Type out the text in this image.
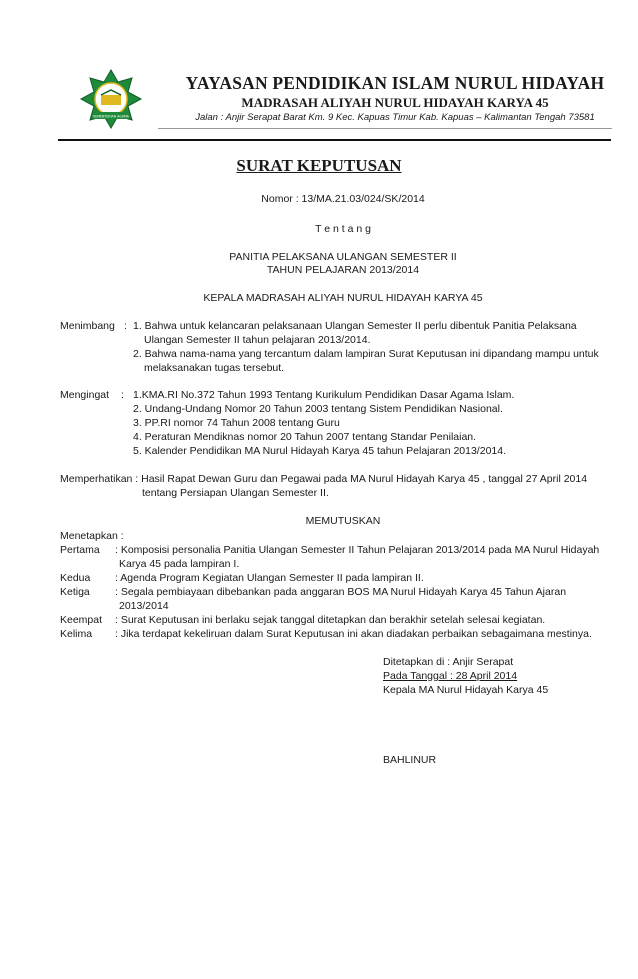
KEMENTERIAN AGAMA
YAYASAN PENDIDIKAN ISLAM NURUL HIDAYAH
MADRASAH ALIYAH NURUL HIDAYAH KARYA 45
Jalan : Anjir Serapat Barat Km. 9 Kec. Kapuas Timur Kab. Kapuas – Kalimantan Tengah 73581
SURAT KEPUTUSAN
Nomor : 13/MA.21.03/024/SK/2014
T e n t a n g
PANITIA PELAKSANA ULANGAN SEMESTER II
TAHUN PELAJARAN 2013/2014
KEPALA MADRASAH ALIYAH NURUL HIDAYAH KARYA 45
Menimbang : 1. Bahwa untuk kelancaran pelaksanaan Ulangan Semester II perlu dibentuk Panitia Pelaksana
Ulangan Semester II tahun pelajaran 2013/2014.
2. Bahwa nama-nama yang tercantum dalam lampiran Surat Keputusan ini dipandang mampu untuk
melaksanakan tugas tersebut.
Mengingat : 1.KMA.RI No.372 Tahun 1993 Tentang Kurikulum Pendidikan Dasar Agama Islam.
2. Undang-Undang Nomor 20 Tahun 2003 tentang Sistem Pendidikan Nasional.
3. PP.RI nomor 74 Tahun 2008 tentang Guru
4. Peraturan Mendiknas nomor 20 Tahun 2007 tentang Standar Penilaian.
5. Kalender Pendidikan MA Nurul Hidayah Karya 45 tahun Pelajaran 2013/2014.
Memperhatikan : Hasil Rapat Dewan Guru dan Pegawai pada MA Nurul Hidayah Karya 45 , tanggal 27 April 2014
tentang Persiapan Ulangan Semester II.
MEMUTUSKAN
Menetapkan :
Pertama : Komposisi personalia Panitia Ulangan Semester II Tahun Pelajaran 2013/2014 pada MA Nurul Hidayah
Karya 45 pada lampiran I.
Kedua : Agenda Program Kegiatan Ulangan Semester II pada lampiran II.
Ketiga : Segala pembiayaan dibebankan pada anggaran BOS MA Nurul Hidayah Karya 45 Tahun Ajaran
2013/2014
Keempat : Surat Keputusan ini berlaku sejak tanggal ditetapkan dan berakhir setelah selesai kegiatan.
Kelima : Jika terdapat kekeliruan dalam Surat Keputusan ini akan diadakan perbaikan sebagaimana mestinya.
Ditetapkan di : Anjir Serapat
Pada Tanggal : 28 April 2014
Kepala MA Nurul Hidayah Karya 45
BAHLINUR
